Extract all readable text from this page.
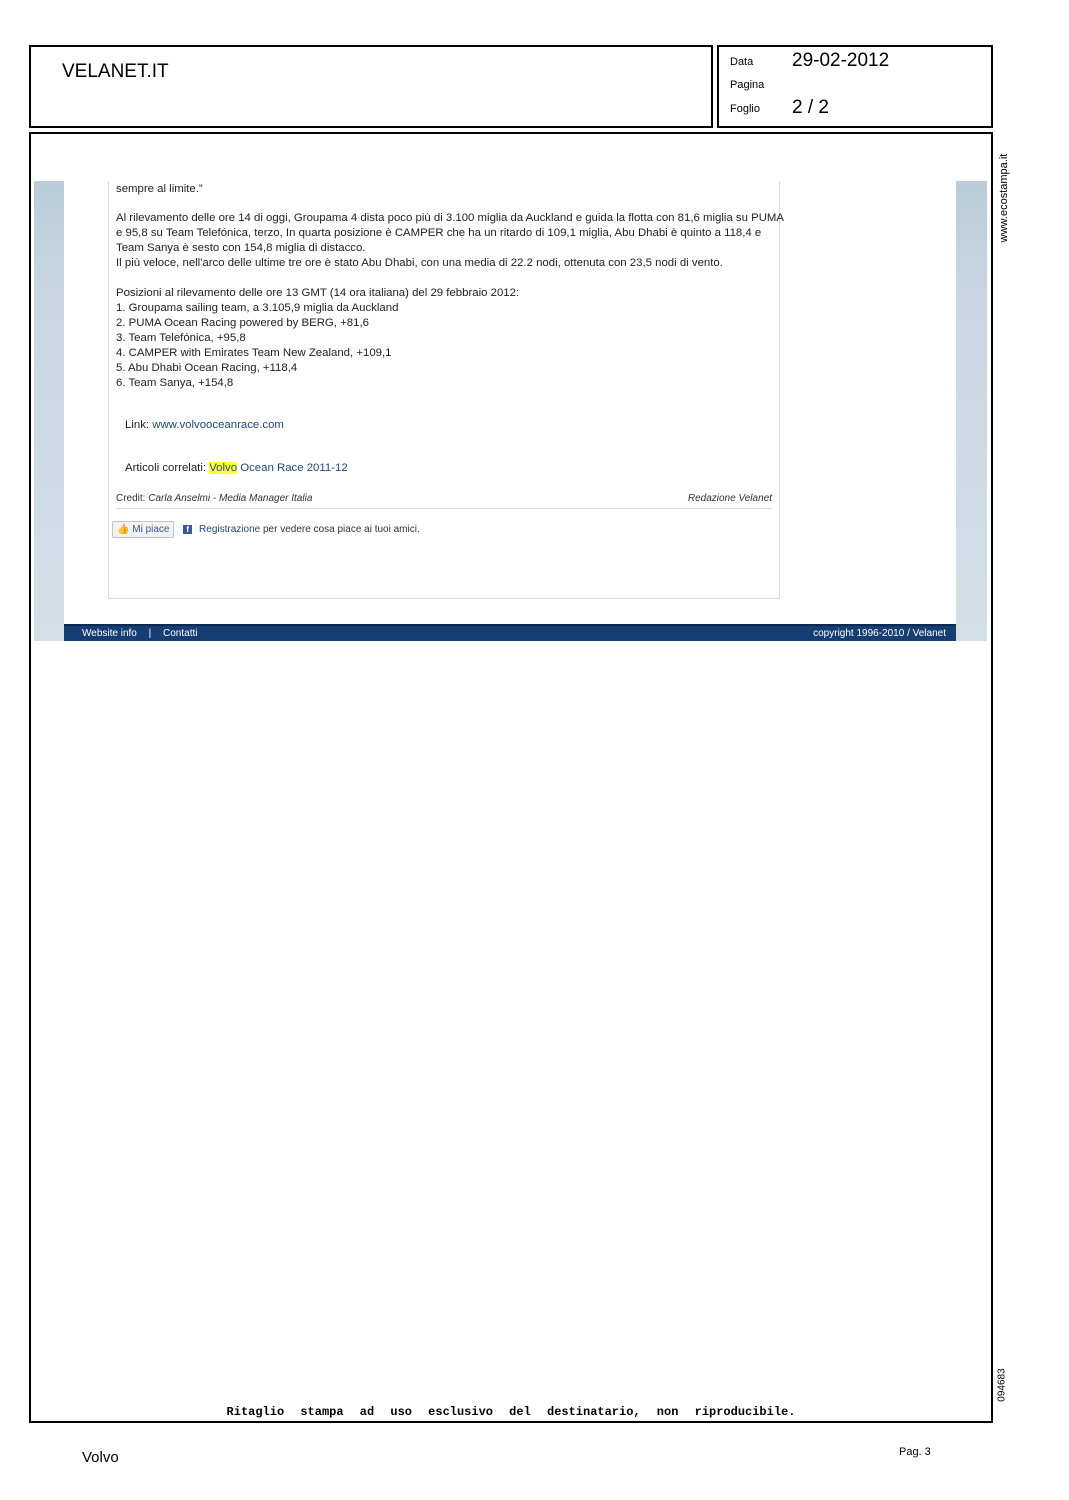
VELANET.IT	Data 29-02-2012
Pagina
Foglio 2 / 2
www.ecostampa.it
094683

sempre al limite.”

Al rilevamento delle ore 14 di oggi, Groupama 4 dista poco più di 3.100 miglia da Auckland e guida la flotta con 81,6 miglia su PUMA e 95,8 su Team Telefónica, terzo, In quarta posizione è CAMPER che ha un ritardo di 109,1 miglia, Abu Dhabi è quinto a 118,4 e Team Sanya è sesto con 154,8 miglia di distacco.

Il più veloce, nell'arco delle ultime tre ore è stato Abu Dhabi, con una media di 22.2 nodi, ottenuta con 23,5 nodi di vento.

Posizioni al rilevamento delle ore 13 GMT (14 ora italiana) del 29 febbraio 2012:

1. Groupama sailing team, a 3.105,9 miglia da Auckland

2. PUMA Ocean Racing powered by BERG, +81,6

3. Team Telefónica, +95,8

4. CAMPER with Emirates Team New Zealand, +109,1

5. Abu Dhabi Ocean Racing, +118,4

6. Team Sanya, +154,8

Link: www.volvooceanrace.com

Articoli correlati: Volvo Ocean Race 2011-12

Credit: Carla Anselmi - Media Manager Italia	Redazione Velanet
👍 Mi piace f Registrazione per vedere cosa piace ai tuoi amici.
Website info | Contatti	copyright 1996-2010 / Velanet
Ritaglio stampa ad uso esclusivo del destinatario, non riproducibile.
Volvo	Pag. 3
